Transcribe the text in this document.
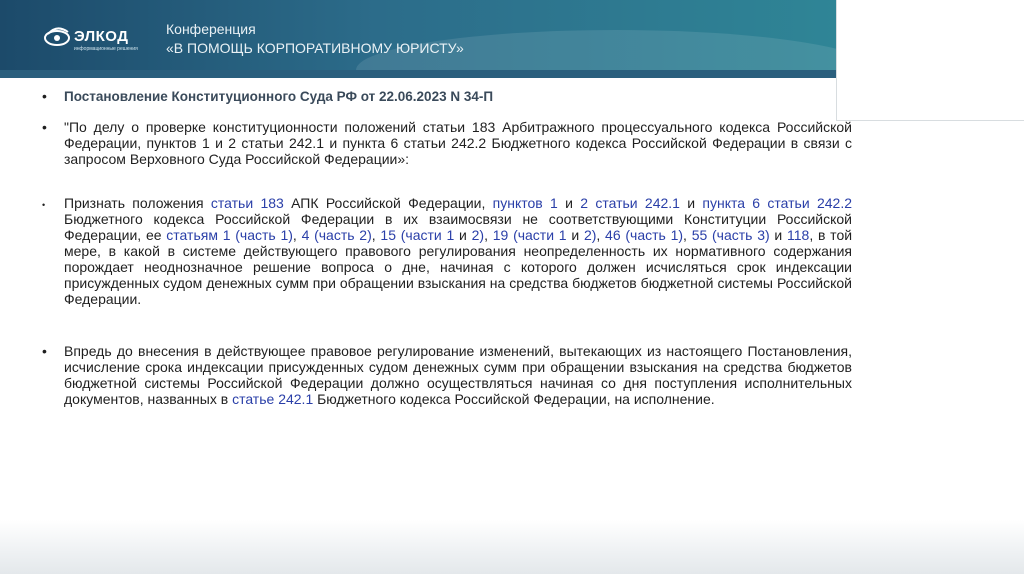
ЭЛКОД
информационные решения
Конференция
«В ПОМОЩЬ КОРПОРАТИВНОМУ ЮРИСТУ»
• Постановление Конституционного Суда РФ от 22.06.2023 N 34-П
• "По делу о проверке конституционности положений статьи 183 Арбитражного процессуального кодекса Российской Федерации, пунктов 1 и 2 статьи 242.1 и пункта 6 статьи 242.2 Бюджетного кодекса Российской Федерации в связи с запросом Верховного Суда Российской Федерации»:
• Признать положения статьи 183 АПК Российской Федерации, пунктов 1 и 2 статьи 242.1 и пункта 6 статьи 242.2 Бюджетного кодекса Российской Федерации в их взаимосвязи не соответствующими Конституции Российской Федерации, ее статьям 1 (часть 1), 4 (часть 2), 15 (части 1 и 2), 19 (части 1 и 2), 46 (часть 1), 55 (часть 3) и 118, в той мере, в какой в системе действующего правового регулирования неопределенность их нормативного содержания порождает неоднозначное решение вопроса о дне, начиная с которого должен исчисляться срок индексации присужденных судом денежных сумм при обращении взыскания на средства бюджетов бюджетной системы Российской Федерации.
• Впредь до внесения в действующее правовое регулирование изменений, вытекающих из настоящего Постановления, исчисление срока индексации присужденных судом денежных сумм при обращении взыскания на средства бюджетов бюджетной системы Российской Федерации должно осуществляться начиная со дня поступления исполнительных документов, названных в статье 242.1 Бюджетного кодекса Российской Федерации, на исполнение.
